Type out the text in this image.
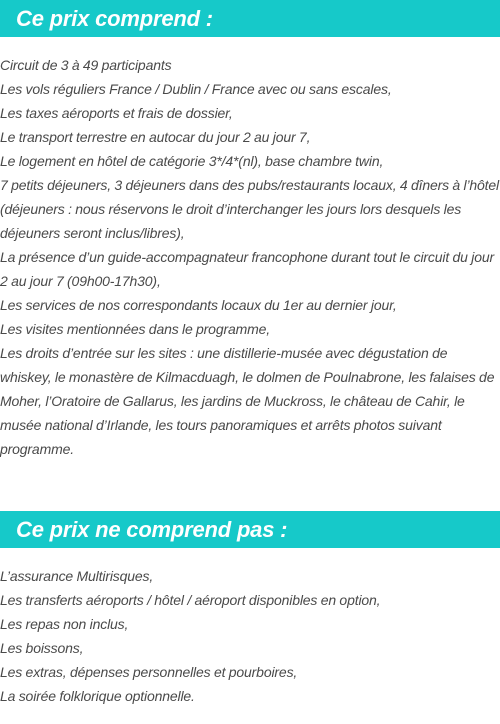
Ce prix comprend :
Circuit de 3 à 49 participants
Les vols réguliers France / Dublin / France avec ou sans escales,
Les taxes aéroports et frais de dossier,
Le transport terrestre en autocar du jour 2 au jour 7,
Le logement en hôtel de catégorie 3*/4*(nl), base chambre twin,
7 petits déjeuners, 3 déjeuners dans des pubs/restaurants locaux, 4 dîners à l’hôtel (déjeuners : nous réservons le droit d’interchanger les jours lors desquels les déjeuners seront inclus/libres),
La présence d’un guide-accompagnateur francophone durant tout le circuit du jour 2 au jour 7 (09h00-17h30),
Les services de nos correspondants locaux du 1er au dernier jour,
Les visites mentionnées dans le programme,
Les droits d’entrée sur les sites : une distillerie-musée avec dégustation de whiskey, le monastère de Kilmacduagh, le dolmen de Poulnabrone, les falaises de Moher, l’Oratoire de Gallarus, les jardins de Muckross, le château de Cahir, le musée national d’Irlande, les tours panoramiques et arrêts photos suivant programme.
Ce prix ne comprend pas :
L’assurance Multirisques,
Les transferts aéroports / hôtel / aéroport disponibles en option,
Les repas non inclus,
Les boissons,
Les extras, dépenses personnelles et pourboires,
La soirée folklorique optionnelle.
